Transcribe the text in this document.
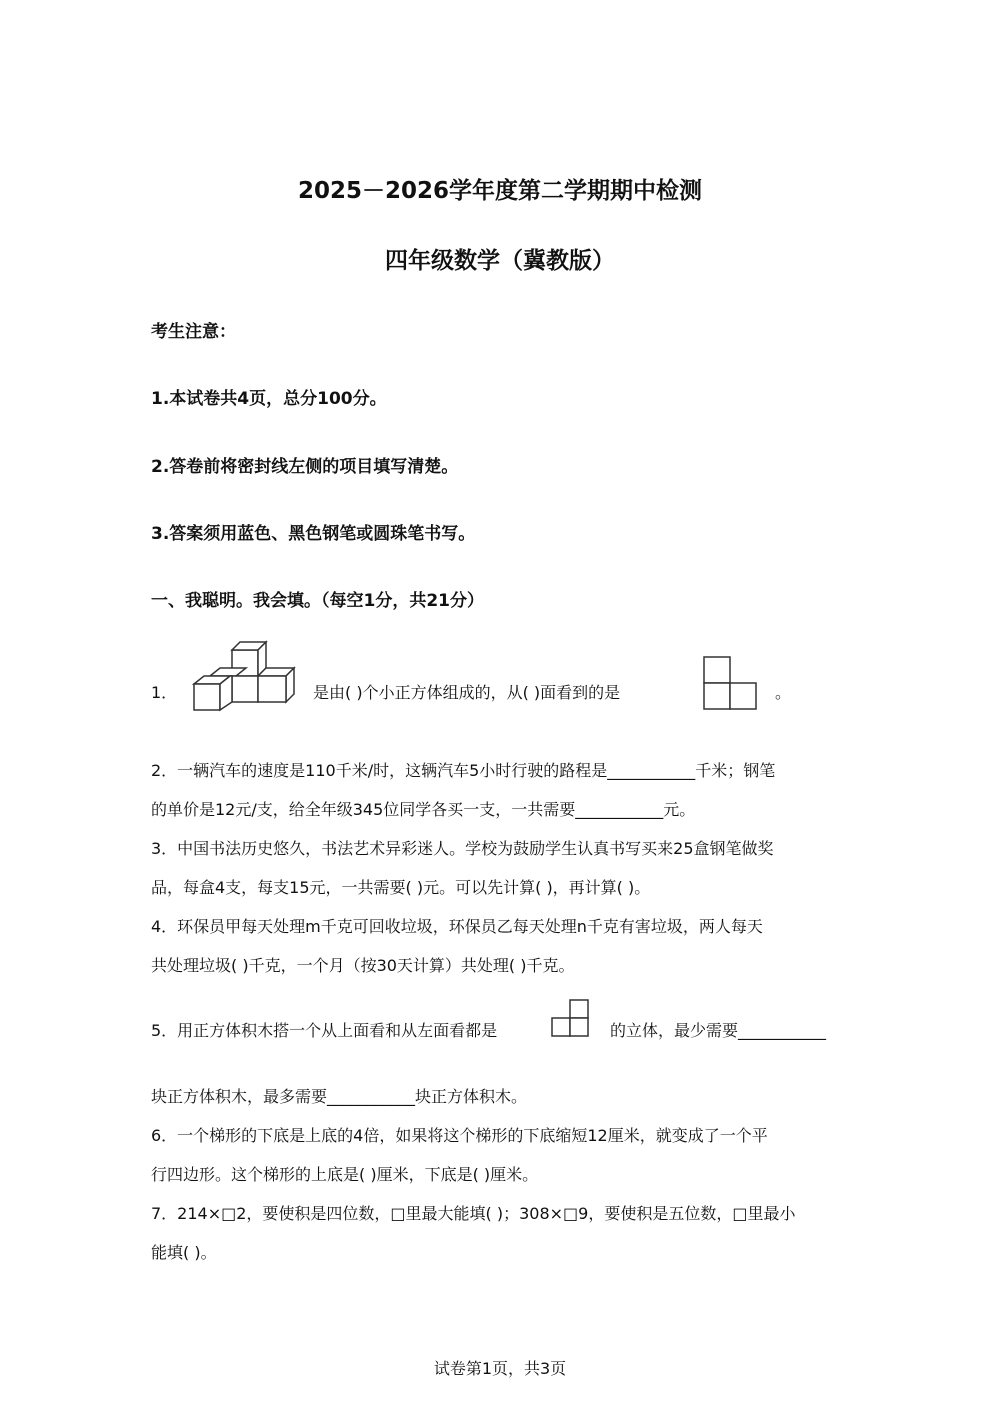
2025－2026学年度第二学期期中检测
四年级数学（冀教版）
考生注意：
1.本试卷共4页，总分100分。
2.答卷前将密封线左侧的项目填写清楚。
3.答案须用蓝色、黑色钢笔或圆珠笔书写。
一、我聪明。我会填。（每空1分，共21分）
1．	是由( )个小正方体组成的，从( )面看到的是	。
2．一辆汽车的速度是110千米/时，这辆汽车5小时行驶的路程是___________千米；钢笔
的单价是12元/支，给全年级345位同学各买一支，一共需要___________元。
3．中国书法历史悠久，书法艺术异彩迷人。学校为鼓励学生认真书写买来25盒钢笔做奖
品，每盒4支，每支15元，一共需要( )元。可以先计算( )，再计算( )。
4．环保员甲每天处理m千克可回收垃圾，环保员乙每天处理n千克有害垃圾，两人每天
共处理垃圾( )千克，一个月（按30天计算）共处理( )千克。
5．用正方体积木搭一个从上面看和从左面看都是	的立体，最少需要___________
块正方体积木，最多需要___________块正方体积木。
6．一个梯形的下底是上底的4倍，如果将这个梯形的下底缩短12厘米，就变成了一个平
行四边形。这个梯形的上底是( )厘米，下底是( )厘米。
7．214×□2，要使积是四位数，□里最大能填( )；308×□9，要使积是五位数，□里最小
能填( )。
试卷第1页，共3页
